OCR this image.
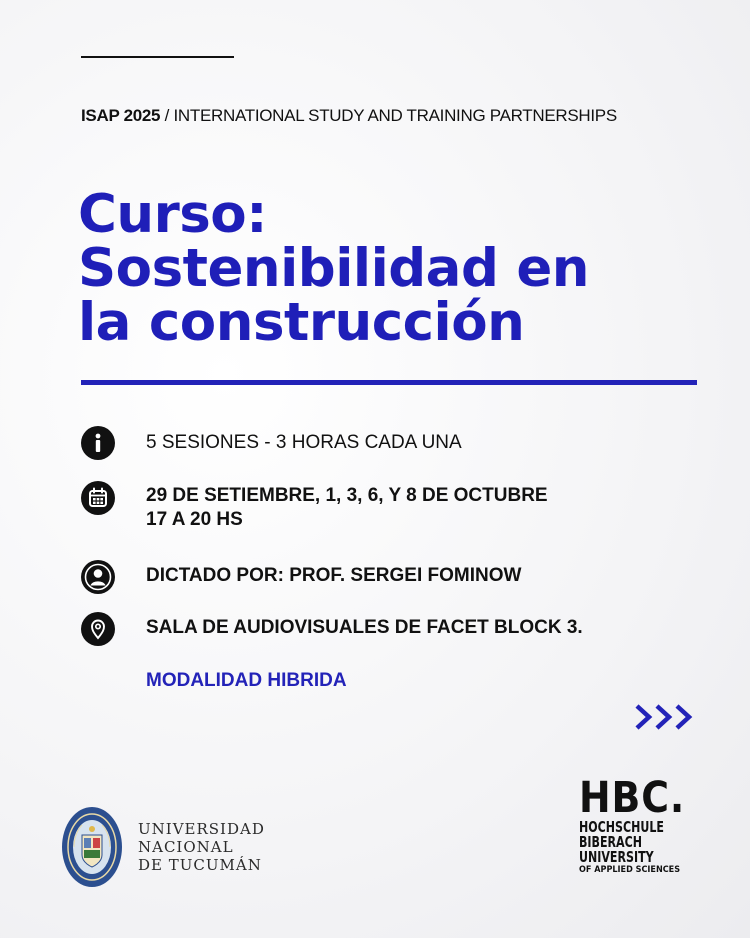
ISAP 2025 / INTERNATIONAL STUDY AND TRAINING PARTNERSHIPS
Curso:
Sostenibilidad en
la construcción
5 SESIONES - 3 HORAS CADA UNA
29 DE SETIEMBRE, 1, 3, 6, Y 8 DE OCTUBRE
17 A 20 HS
DICTADO POR: PROF. SERGEI FOMINOW
SALA DE AUDIOVISUALES DE FACET BLOCK 3.
MODALIDAD HIBRIDA
UNIVERSIDAD
NACIONAL
DE TUCUMÁN
HBC.
HOCHSCHULE
BIBERACH
UNIVERSITY
OF APPLIED SCIENCES
